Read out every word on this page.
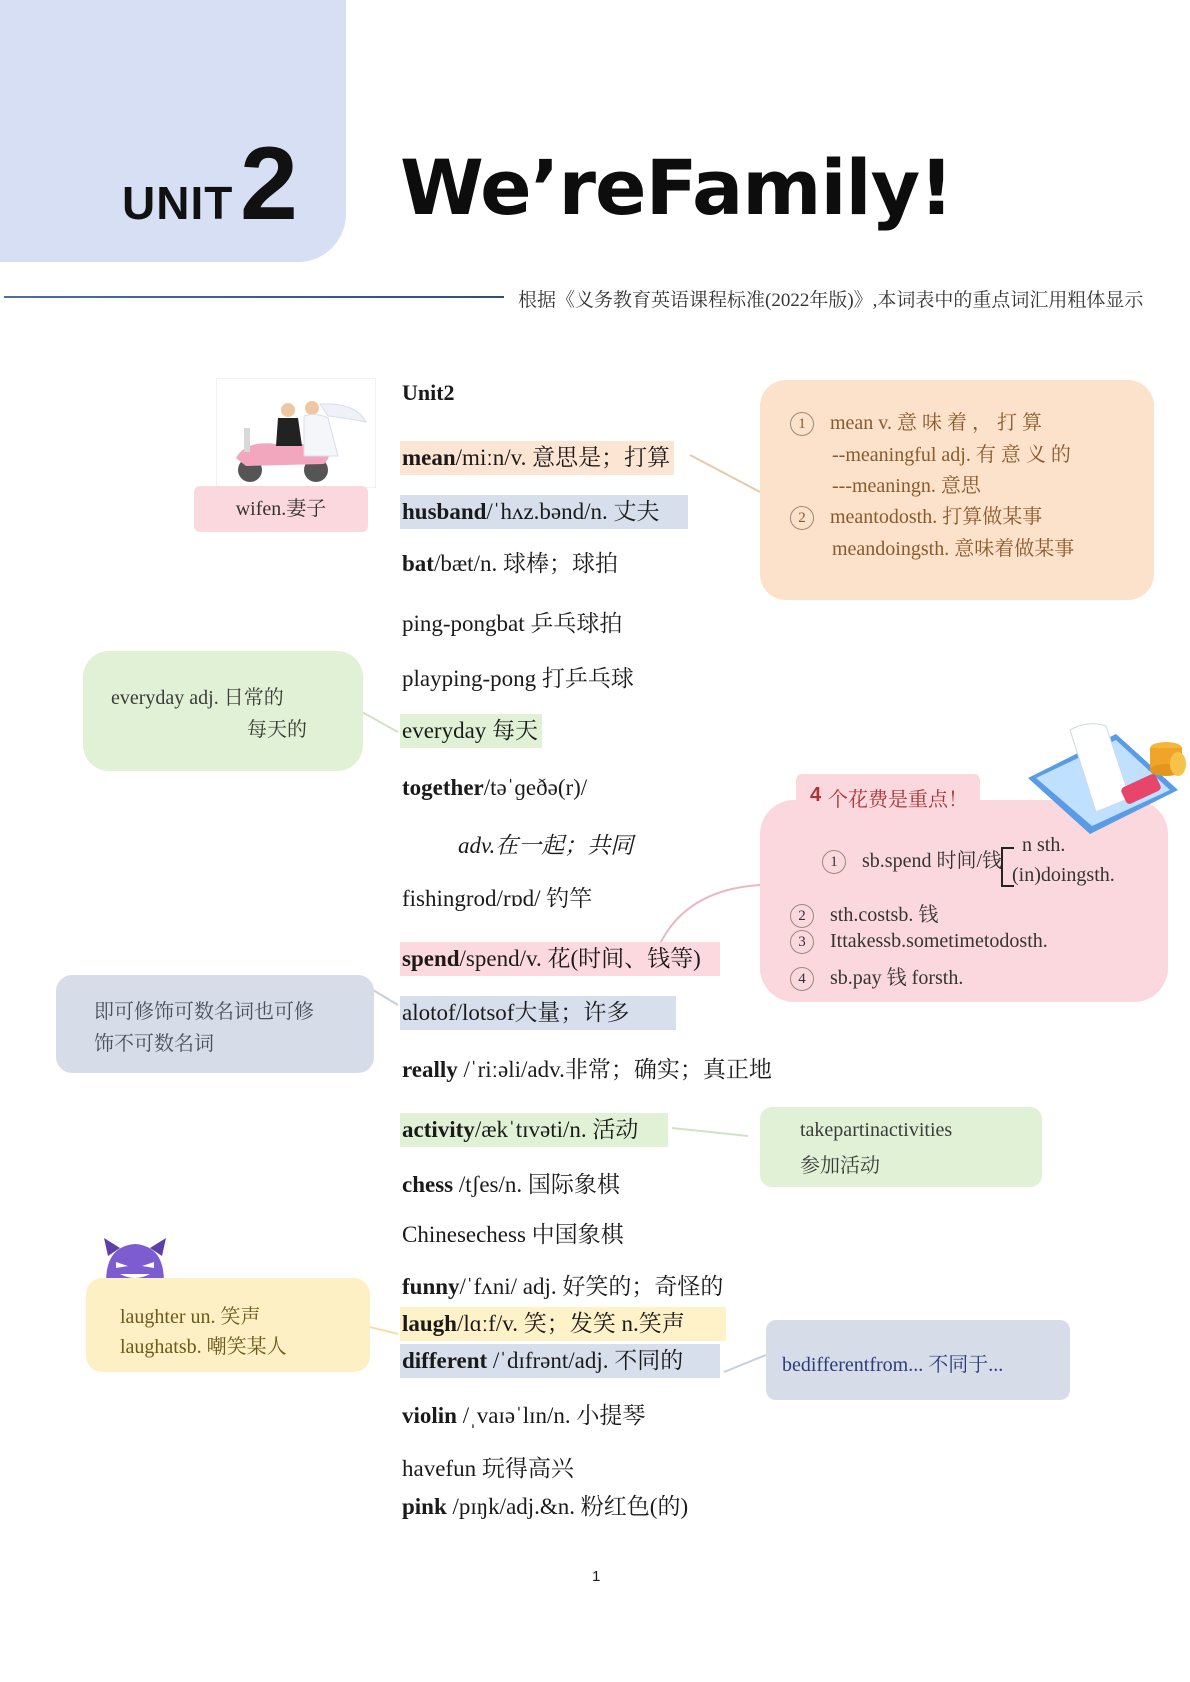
UNIT 2 We’reFamily!
根据《义务教育英语课程标准(2022年版)》,本词表中的重点词汇用粗体显示
wifen.妻子
Unit2
mean/miːn/v. 意思是；打算
husband/ˈhʌz.bənd/n. 丈夫
bat/bæt/n. 球棒；球拍
ping-pongbat 乒乓球拍
playping-pong 打乒乓球
everyday 每天
together/təˈɡeðə(r)/
adv.在一起；共同
fishingrod/rɒd/ 钓竿
spend/spend/v. 花(时间、钱等)
alotof/lotsof大量；许多
really /ˈriːəli/adv.非常；确实；真正地
activity/ækˈtɪvəti/n. 活动
chess /tʃes/n. 国际象棋
Chinesechess 中国象棋
funny/ˈfʌni/ adj. 好笑的；奇怪的
laugh/lɑːf/v. 笑；发笑 n.笑声
different /ˈdɪfrənt/adj. 不同的
violin /ˌvaɪəˈlɪn/n. 小提琴
havefun 玩得高兴
pink /pɪŋk/adj.&n. 粉红色(的)
1 mean v. 意 味 着 ， 打 算
--meaningful adj. 有 意 义 的
---meaningn. 意思
2 meantodosth. 打算做某事
meandoingsth. 意味着做某事
everyday adj. 日常的
每天的
1 sb.spend 时间/钱
n sth.
(in)doingsth.
2 sth.costsb. 钱
3 Ittakessb.sometimetodosth.
4 sb.pay 钱 forsth.
4 个花费是重点！
即可修饰可数名词也可修
饰不可数名词
takepartinactivities
参加活动
laughter un. 笑声
laughatsb. 嘲笑某人
bedifferentfrom... 不同于...
1
